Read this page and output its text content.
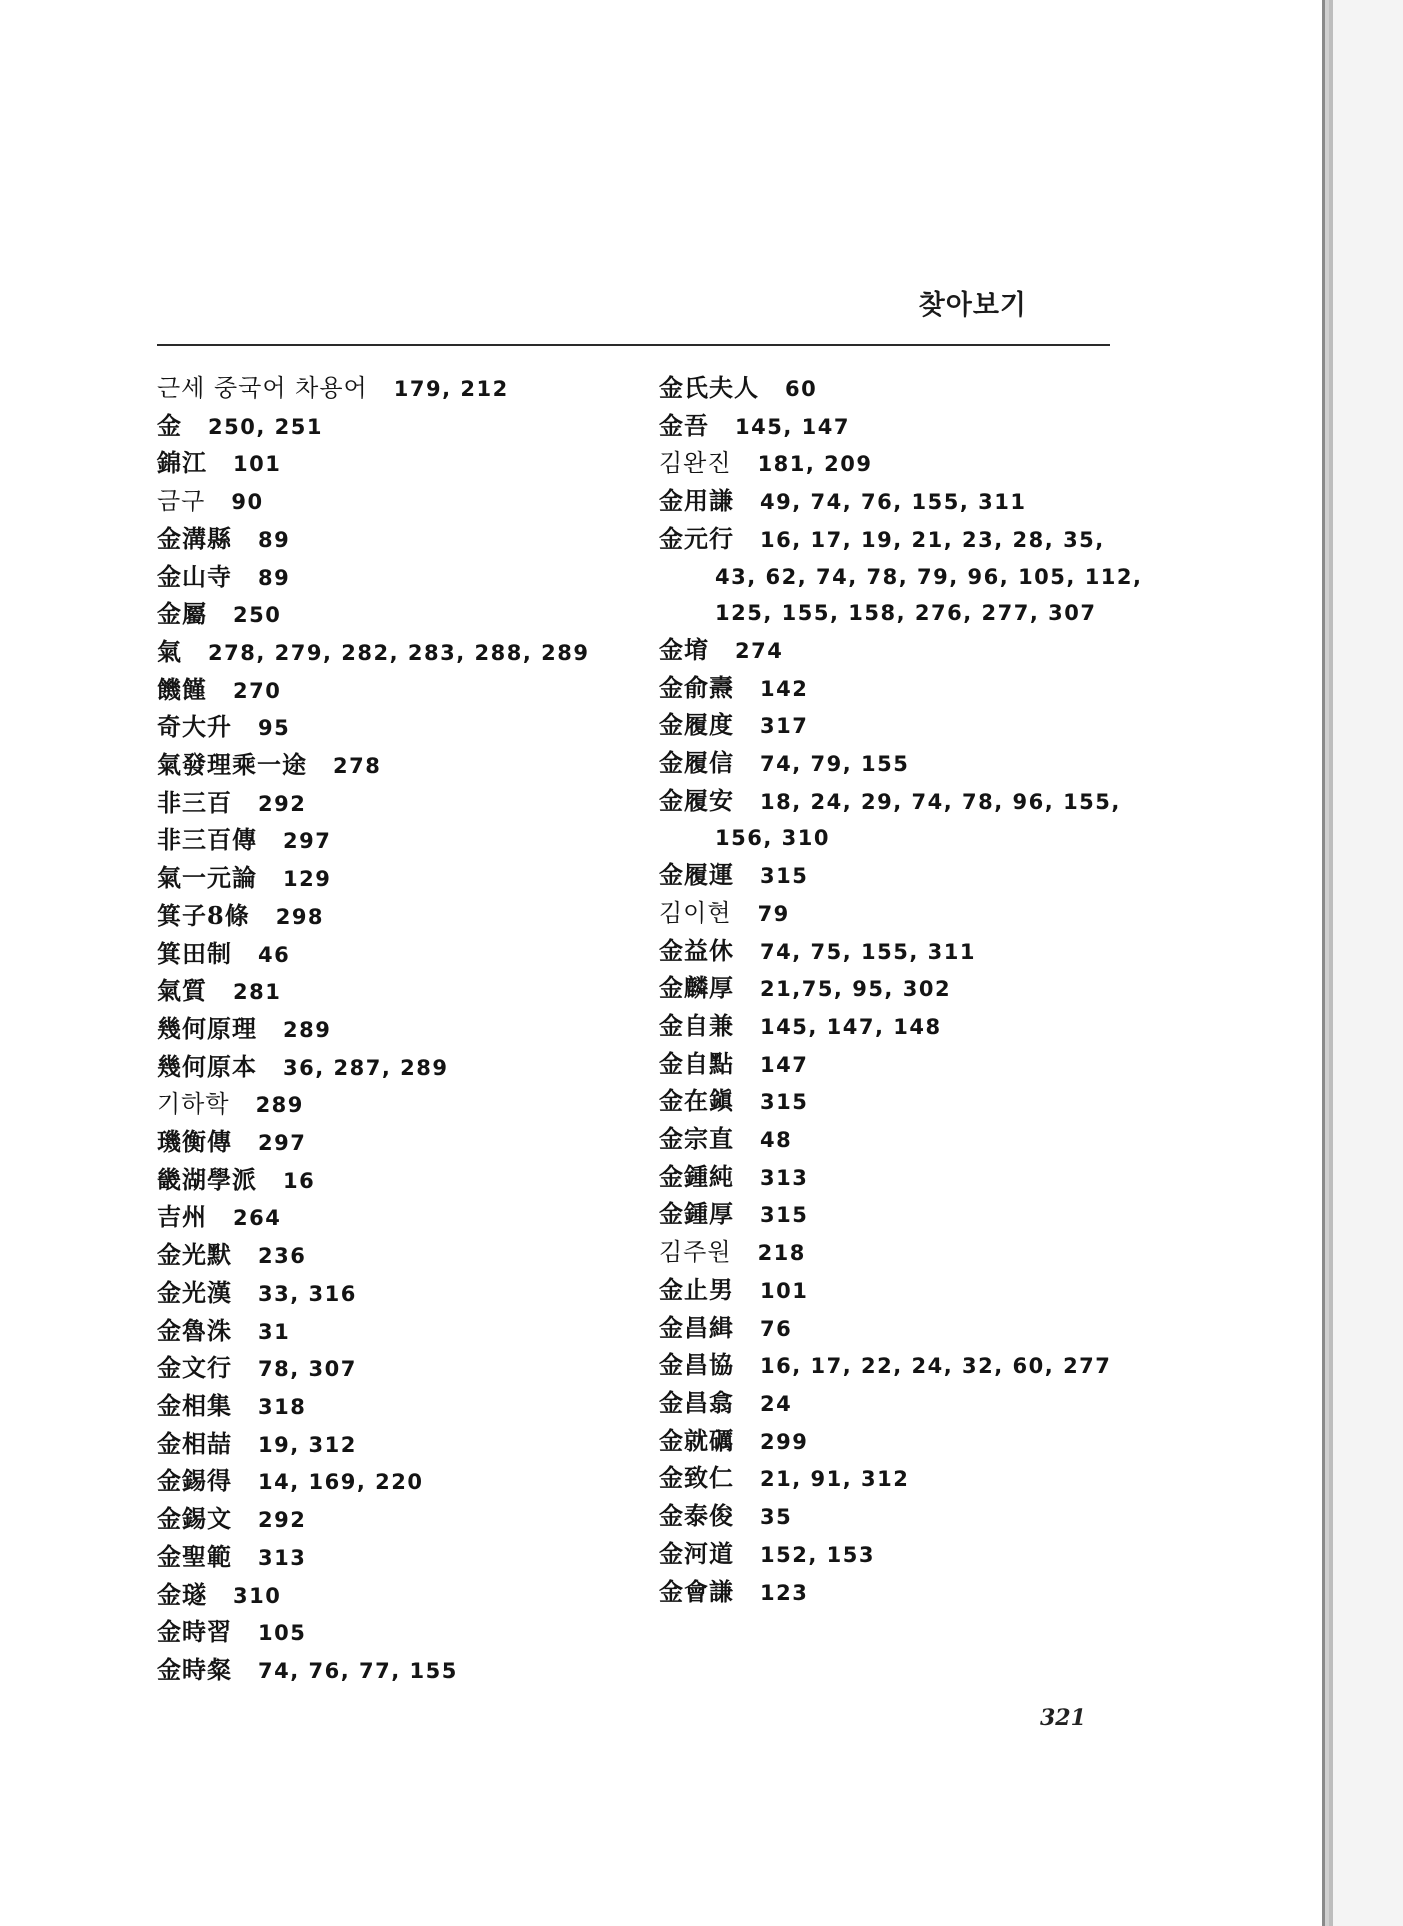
찾아보기
근세 중국어 차용어 179, 212
金 250, 251
錦江 101
금구 90
金溝縣 89
金山寺 89
金屬 250
氣 278, 279, 282, 283, 288, 289
饑饉 270
奇大升 95
氣發理乘一途 278
非三百 292
非三百傳 297
氣一元論 129
箕子8條 298
箕田制 46
氣質 281
幾何原理 289
幾何原本 36, 287, 289
기하학 289
璣衡傳 297
畿湖學派 16
吉州 264
金光默 236
金光漢 33, 316
金魯洙 31
金文行 78, 307
金相集 318
金相喆 19, 312
金錫得 14, 169, 220
金錫文 292
金聖範 313
金璲 310
金時習 105
金時粲 74, 76, 77, 155
金氏夫人 60
金吾 145, 147
김완진 181, 209
金用謙 49, 74, 76, 155, 311
金元行 16, 17, 19, 21, 23, 28, 35,
43, 62, 74, 78, 79, 96, 105, 112,
125, 155, 158, 276, 277, 307
金堉 274
金俞燾 142
金履度 317
金履信 74, 79, 155
金履安 18, 24, 29, 74, 78, 96, 155,
156, 310
金履運 315
김이현 79
金益休 74, 75, 155, 311
金麟厚 21,75, 95, 302
金自兼 145, 147, 148
金自點 147
金在鎭 315
金宗直 48
金鍾純 313
金鍾厚 315
김주원 218
金止男 101
金昌緝 76
金昌協 16, 17, 22, 24, 32, 60, 277
金昌翕 24
金就礪 299
金致仁 21, 91, 312
金泰俊 35
金河道 152, 153
金會謙 123
321
